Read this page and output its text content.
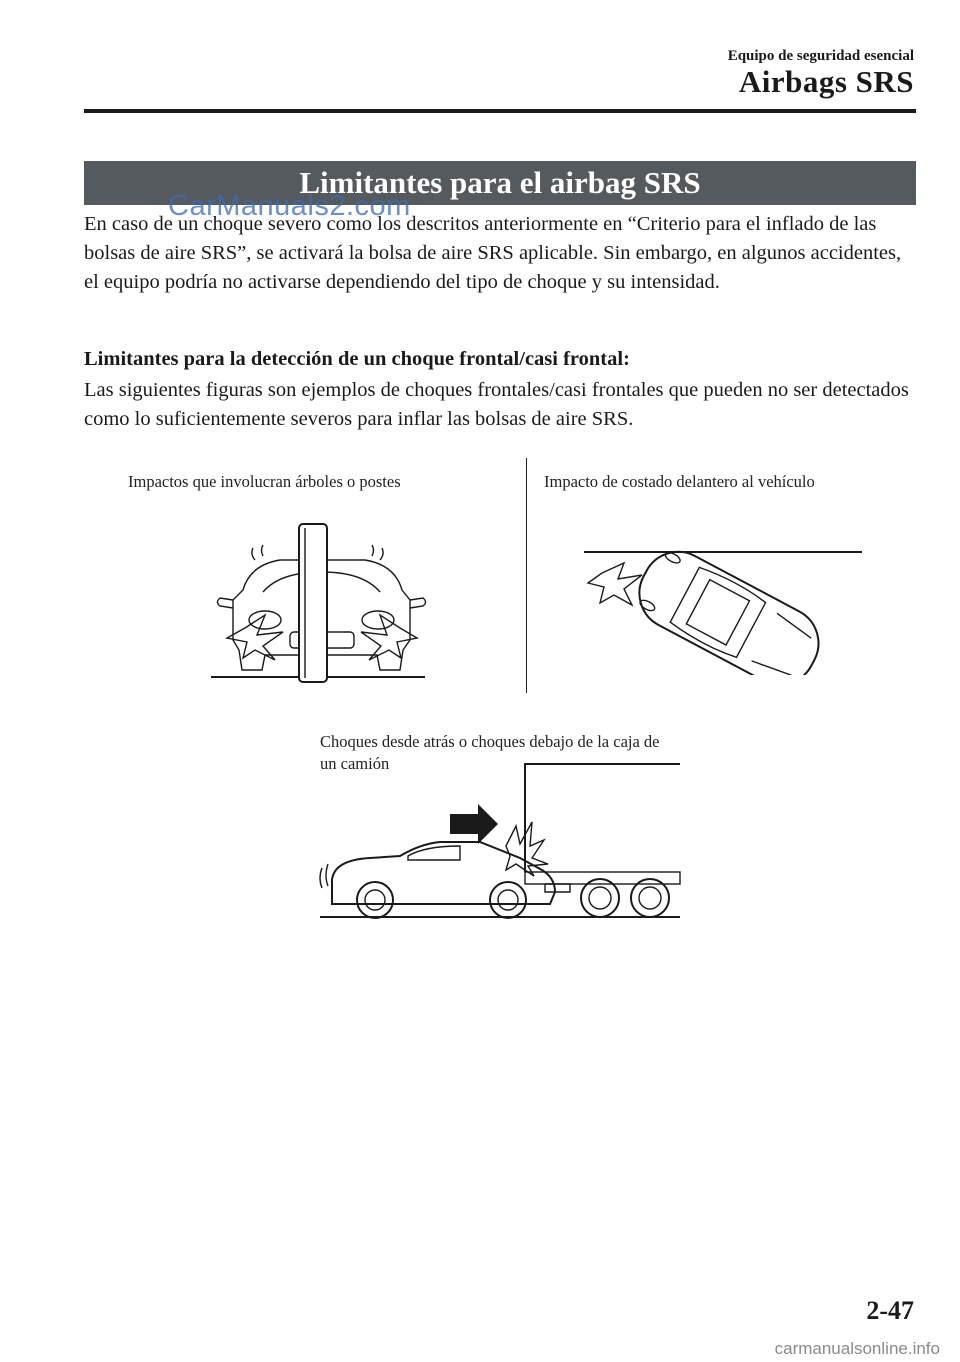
Equipo de seguridad esencial
Airbags SRS
Limitantes para el airbag SRS
CarManuals2.com
En caso de un choque severo como los descritos anteriormente en “Criterio para el inflado de las bolsas de aire SRS”, se activará la bolsa de aire SRS aplicable. Sin embargo, en algunos accidentes, el equipo podría no activarse dependiendo del tipo de choque y su intensidad.
Limitantes para la detección de un choque frontal/casi frontal:
Las siguientes figuras son ejemplos de choques frontales/casi frontales que pueden no ser detectados como lo suficientemente severos para inflar las bolsas de aire SRS.
Impactos que involucran árboles o postes	Impacto de costado delantero al vehículo
Choques desde atrás o choques debajo de la caja de un camión
2-47
carmanualsonline.info
